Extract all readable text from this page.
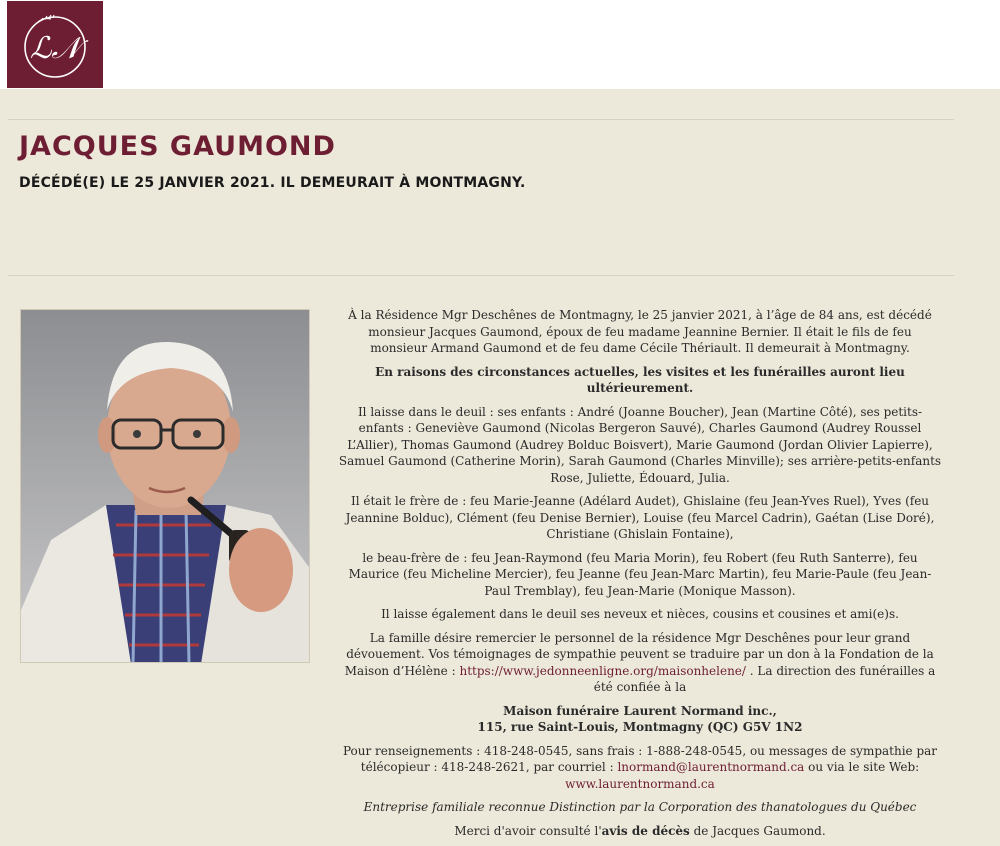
ℒ𝒩
JACQUES GAUMOND
DÉCÉDÉ(E) LE 25 JANVIER 2021. IL DEMEURAIT À MONTMAGNY.

À la Résidence Mgr Deschênes de Montmagny, le 25 janvier 2021, à l’âge de 84 ans, est décédé monsieur Jacques Gaumond, époux de feu madame Jeannine Bernier. Il était le fils de feu monsieur Armand Gaumond et de feu dame Cécile Thériault. Il demeurait à Montmagny.

En raisons des circonstances actuelles, les visites et les funérailles auront lieu ultérieurement.

Il laisse dans le deuil : ses enfants : André (Joanne Boucher), Jean (Martine Côté), ses petits-enfants : Geneviève Gaumond (Nicolas Bergeron Sauvé), Charles Gaumond (Audrey Roussel L’Allier), Thomas Gaumond (Audrey Bolduc Boisvert), Marie Gaumond (Jordan Olivier Lapierre), Samuel Gaumond (Catherine Morin), Sarah Gaumond (Charles Minville); ses arrière-petits-enfants Rose, Juliette, Édouard, Julia.

Il était le frère de : feu Marie-Jeanne (Adélard Audet), Ghislaine (feu Jean-Yves Ruel), Yves (feu Jeannine Bolduc), Clément (feu Denise Bernier), Louise (feu Marcel Cadrin), Gaétan (Lise Doré), Christiane (Ghislain Fontaine),

le beau-frère de : feu Jean-Raymond (feu Maria Morin), feu Robert (feu Ruth Santerre), feu Maurice (feu Micheline Mercier), feu Jeanne (feu Jean-Marc Martin), feu Marie-Paule (feu Jean-Paul Tremblay), feu Jean-Marie (Monique Masson).

Il laisse également dans le deuil ses neveux et nièces, cousins et cousines et ami(e)s.

La famille désire remercier le personnel de la résidence Mgr Deschênes pour leur grand dévouement. Vos témoignages de sympathie peuvent se traduire par un don à la Fondation de la Maison d’Hélène : https://www.jedonneenligne.org/maisonhelene/ . La direction des funérailles a été confiée à la

Maison funéraire Laurent Normand inc.,
115, rue Saint-Louis, Montmagny (QC) G5V 1N2

Pour renseignements : 418-248-0545, sans frais : 1-888-248-0545, ou messages de sympathie par télécopieur : 418-248-2621, par courriel : lnormand@laurentnormand.ca ou via le site Web:
www.laurentnormand.ca

Entreprise familiale reconnue Distinction par la Corporation des thanatologues du Québec

Merci d'avoir consulté l'avis de décès de Jacques Gaumond.
